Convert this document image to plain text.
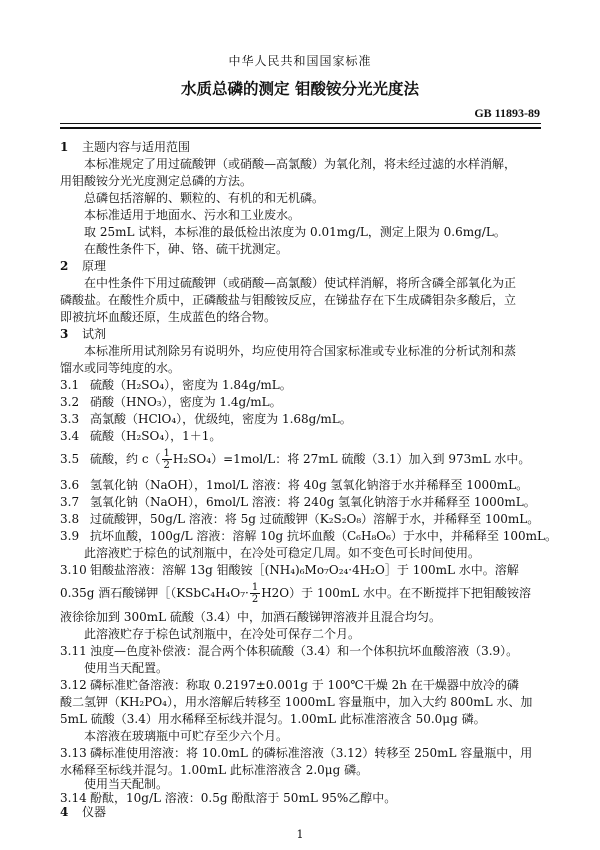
中华人民共和国国家标准
水质总磷的测定 钼酸铵分光光度法
GB 11893-89
1 主题内容与适用范围
本标准规定了用过硫酸钾（或硝酸—高氯酸）为氧化剂，将未经过滤的水样消解，
用钼酸铵分光光度测定总磷的方法。
总磷包括溶解的、颗粒的、有机的和无机磷。
本标准适用于地面水、污水和工业废水。
取 25mL 试料，本标准的最低检出浓度为 0.01mg/L，测定上限为 0.6mg/L。
在酸性条件下，砷、铬、硫干扰测定。
2 原理
在中性条件下用过硫酸钾（或硝酸—高氯酸）使试样消解，将所含磷全部氧化为正
磷酸盐。在酸性介质中，正磷酸盐与钼酸铵反应，在锑盐存在下生成磷钼杂多酸后，立
即被抗坏血酸还原，生成蓝色的络合物。
3 试剂
本标准所用试剂除另有说明外，均应使用符合国家标准或专业标准的分析试剂和蒸
馏水或同等纯度的水。
3.1 硫酸（H₂SO₄），密度为 1.84g/mL。
3.2 硝酸（HNO₃），密度为 1.4g/mL。
3.3 高氯酸（HClO₄），优级纯，密度为 1.68g/mL。
3.4 硫酸（H₂SO₄），1＋1。
3.5 硫酸，约 $c( \frac{1}{2} H_2SO_4)=1mol/L$：将 27mL 硫酸（3.1）加入到 973mL 水中。
3.6 氢氧化钠（NaOH），1mol/L 溶液：将 40g 氢氧化钠溶于水并稀释至 1000mL。
3.7 氢氧化钠（NaOH），6mol/L 溶液：将 240g 氢氧化钠溶于水并稀释至 1000mL。
3.8 过硫酸钾，50g/L 溶液：将 5g 过硫酸钾（K₂S₂O₈）溶解于水，并稀释至 100mL。
3.9 抗坏血酸，100g/L 溶液：溶解 10g 抗坏血酸（C₆H₈O₆）于水中，并稀释至 100mL。
此溶液贮于棕色的试剂瓶中，在冷处可稳定几周。如不变色可长时间使用。
3.10 钼酸盐溶液：溶解 13g 钼酸铵［(NH₄)₆Mo₇O₂₄·4H₂O］于 100mL 水中。溶解
0.35g 酒石酸锑钾［（KSbC₄H₄O₇· $\frac{1}{2} H2O$）于 100mL 水中。在不断搅拌下把钼酸铵溶
液徐徐加到 300mL 硫酸（3.4）中，加酒石酸锑钾溶液并且混合均匀。
此溶液贮存于棕色试剂瓶中，在冷处可保存二个月。
3.11 浊度—色度补偿液：混合两个体积硫酸（3.4）和一个体积抗坏血酸溶液（3.9）。
使用当天配置。
3.12 磷标准贮备溶液：称取 0.2197±0.001g 于 100℃干燥 2h 在干燥器中放冷的磷
酸二氢钾（KH₂PO₄），用水溶解后转移至 1000mL 容量瓶中，加入大约 800mL 水、加
5mL 硫酸（3.4）用水稀释至标线并混匀。1.00mL 此标准溶液含 50.0μg 磷。
本溶液在玻璃瓶中可贮存至少六个月。
3.13 磷标准使用溶液：将 10.0mL 的磷标准溶液（3.12）转移至 250mL 容量瓶中，用
水稀释至标线并混匀。1.00mL 此标准溶液含 2.0μg 磷。
使用当天配制。
3.14 酚酞，10g/L 溶液：0.5g 酚酞溶于 50mL 95%乙醇中。
4 仪器
1
